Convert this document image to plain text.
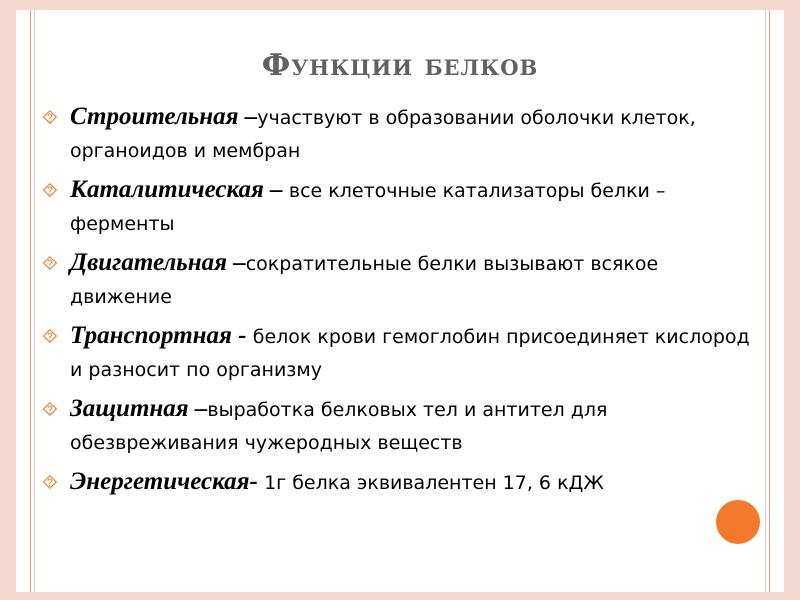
Функции белков
⯑ Строительная –участвуют в образовании оболочки клеток, органоидов и мембран
⯑ Каталитическая – все клеточные катализаторы белки –ферменты
⯑ Двигательная –сократительные белки вызывают всякое движение
⯑ Транспортная - белок крови гемоглобин присоединяет кислород и разносит по организму
⯑ Защитная –выработка белковых тел и антител для обезвреживания чужеродных веществ
⯑ Энергетическая- 1г белка эквивалентен 17, 6 кДЖ
